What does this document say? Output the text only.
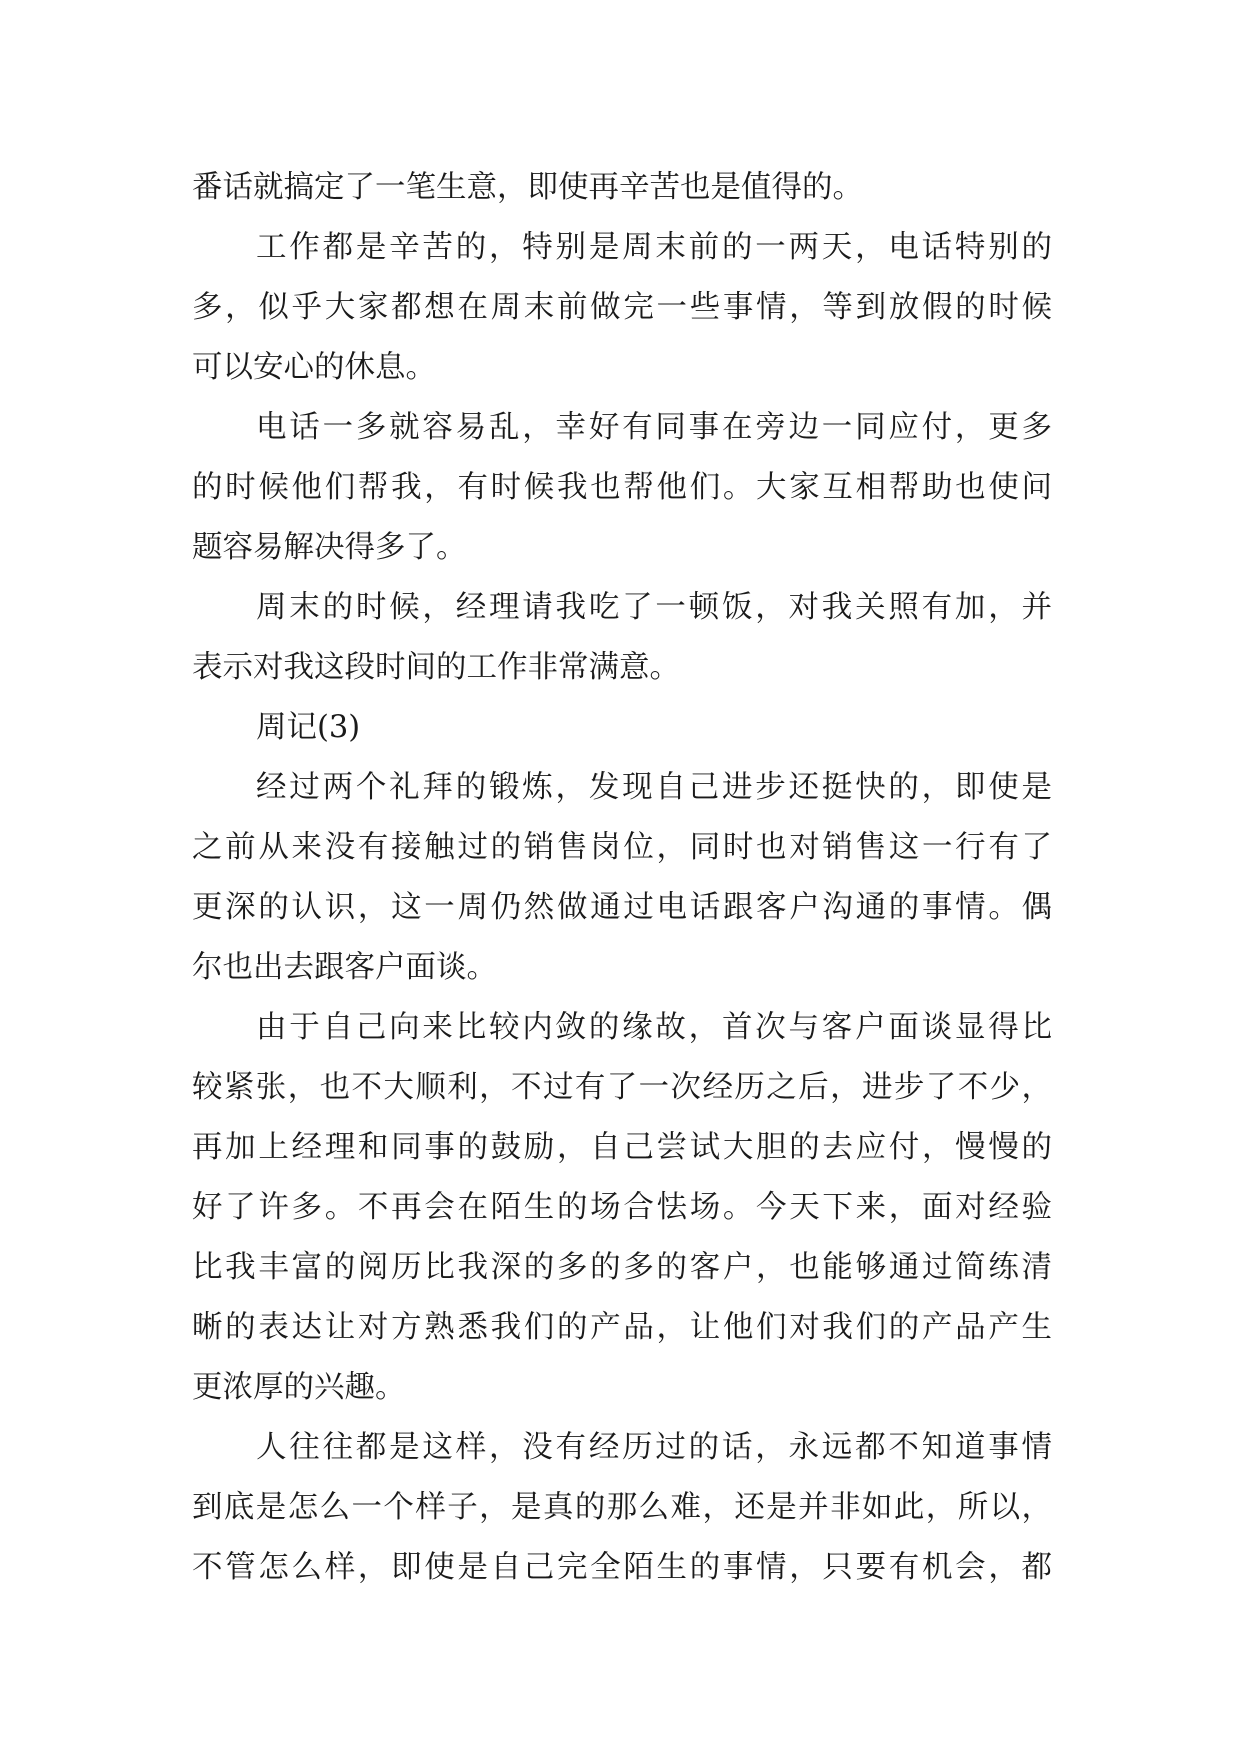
番话就搞定了一笔生意，即使再辛苦也是值得的。
工作都是辛苦的，特别是周末前的一两天，电话特别的
多，似乎大家都想在周末前做完一些事情，等到放假的时候
可以安心的休息。
电话一多就容易乱，幸好有同事在旁边一同应付，更多
的时候他们帮我，有时候我也帮他们。大家互相帮助也使问
题容易解决得多了。
周末的时候，经理请我吃了一顿饭，对我关照有加，并
表示对我这段时间的工作非常满意。
周记(3)
经过两个礼拜的锻炼，发现自己进步还挺快的，即使是
之前从来没有接触过的销售岗位，同时也对销售这一行有了
更深的认识，这一周仍然做通过电话跟客户沟通的事情。偶
尔也出去跟客户面谈。
由于自己向来比较内敛的缘故，首次与客户面谈显得比
较紧张，也不大顺利，不过有了一次经历之后，进步了不少，
再加上经理和同事的鼓励，自己尝试大胆的去应付，慢慢的
好了许多。不再会在陌生的场合怯场。今天下来，面对经验
比我丰富的阅历比我深的多的多的客户，也能够通过简练清
晰的表达让对方熟悉我们的产品，让他们对我们的产品产生
更浓厚的兴趣。
人往往都是这样，没有经历过的话，永远都不知道事情
到底是怎么一个样子，是真的那么难，还是并非如此，所以，
不管怎么样，即使是自己完全陌生的事情，只要有机会，都
